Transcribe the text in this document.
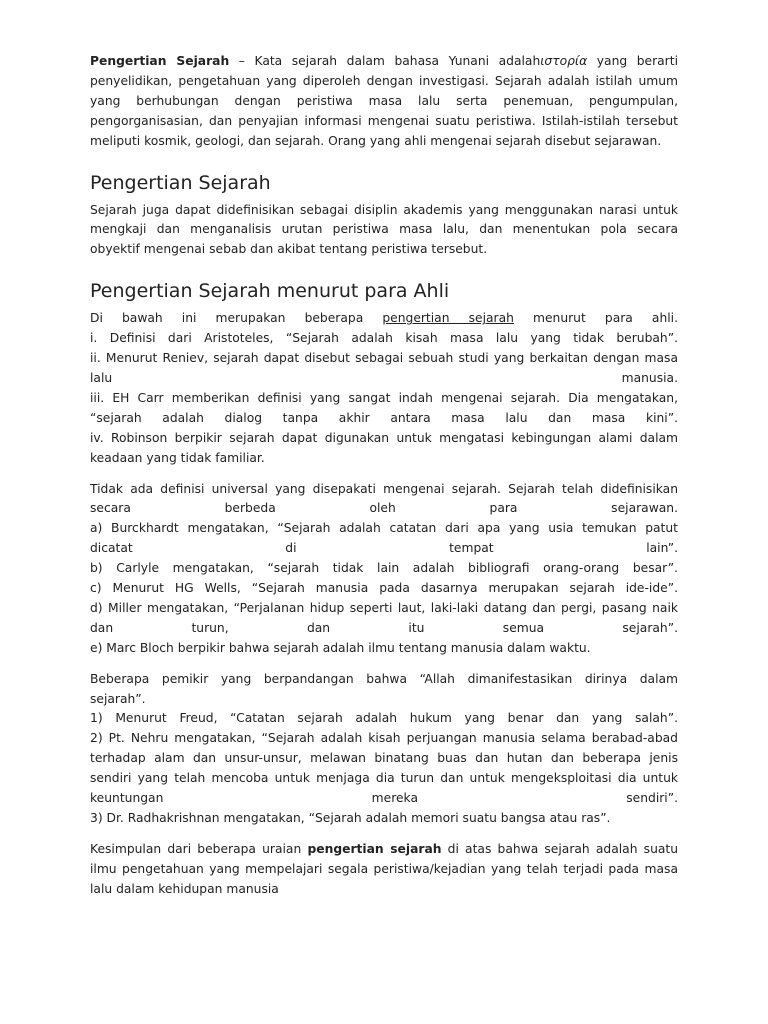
Pengertian Sejarah – Kata sejarah dalam bahasa Yunani adalahιστορία yang berarti
penyelidikan, pengetahuan yang diperoleh dengan investigasi. Sejarah adalah istilah umum
yang berhubungan dengan peristiwa masa lalu serta penemuan, pengumpulan,
pengorganisasian, dan penyajian informasi mengenai suatu peristiwa. Istilah-istilah tersebut
meliputi kosmik, geologi, dan sejarah. Orang yang ahli mengenai sejarah disebut sejarawan.
Pengertian Sejarah
Sejarah juga dapat didefinisikan sebagai disiplin akademis yang menggunakan narasi untuk
mengkaji dan menganalisis urutan peristiwa masa lalu, dan menentukan pola secara
obyektif mengenai sebab dan akibat tentang peristiwa tersebut.
Pengertian Sejarah menurut para Ahli
Di bawah ini merupakan beberapa pengertian sejarah menurut para ahli.
i. Definisi dari Aristoteles, “Sejarah adalah kisah masa lalu yang tidak berubah”.
ii. Menurut Reniev, sejarah dapat disebut sebagai sebuah studi yang berkaitan dengan masa
lalu manusia.
iii. EH Carr memberikan definisi yang sangat indah mengenai sejarah. Dia mengatakan,
“sejarah adalah dialog tanpa akhir antara masa lalu dan masa kini”.
iv. Robinson berpikir sejarah dapat digunakan untuk mengatasi kebingungan alami dalam
keadaan yang tidak familiar.
Tidak ada definisi universal yang disepakati mengenai sejarah. Sejarah telah didefinisikan
secara berbeda oleh para sejarawan.
a) Burckhardt mengatakan, “Sejarah adalah catatan dari apa yang usia temukan patut
dicatat di tempat lain”.
b) Carlyle mengatakan, “sejarah tidak lain adalah bibliografi orang-orang besar”.
c) Menurut HG Wells, “Sejarah manusia pada dasarnya merupakan sejarah ide-ide”.
d) Miller mengatakan, “Perjalanan hidup seperti laut, laki-laki datang dan pergi, pasang naik
dan turun, dan itu semua sejarah”.
e) Marc Bloch berpikir bahwa sejarah adalah ilmu tentang manusia dalam waktu.
Beberapa pemikir yang berpandangan bahwa “Allah dimanifestasikan dirinya dalam
sejarah”.
1) Menurut Freud, “Catatan sejarah adalah hukum yang benar dan yang salah”.
2) Pt. Nehru mengatakan, “Sejarah adalah kisah perjuangan manusia selama berabad-abad
terhadap alam dan unsur-unsur, melawan binatang buas dan hutan dan beberapa jenis
sendiri yang telah mencoba untuk menjaga dia turun dan untuk mengeksploitasi dia untuk
keuntungan mereka sendiri”.
3) Dr. Radhakrishnan mengatakan, “Sejarah adalah memori suatu bangsa atau ras”.
Kesimpulan dari beberapa uraian pengertian sejarah di atas bahwa sejarah adalah suatu
ilmu pengetahuan yang mempelajari segala peristiwa/kejadian yang telah terjadi pada masa
lalu dalam kehidupan manusia
